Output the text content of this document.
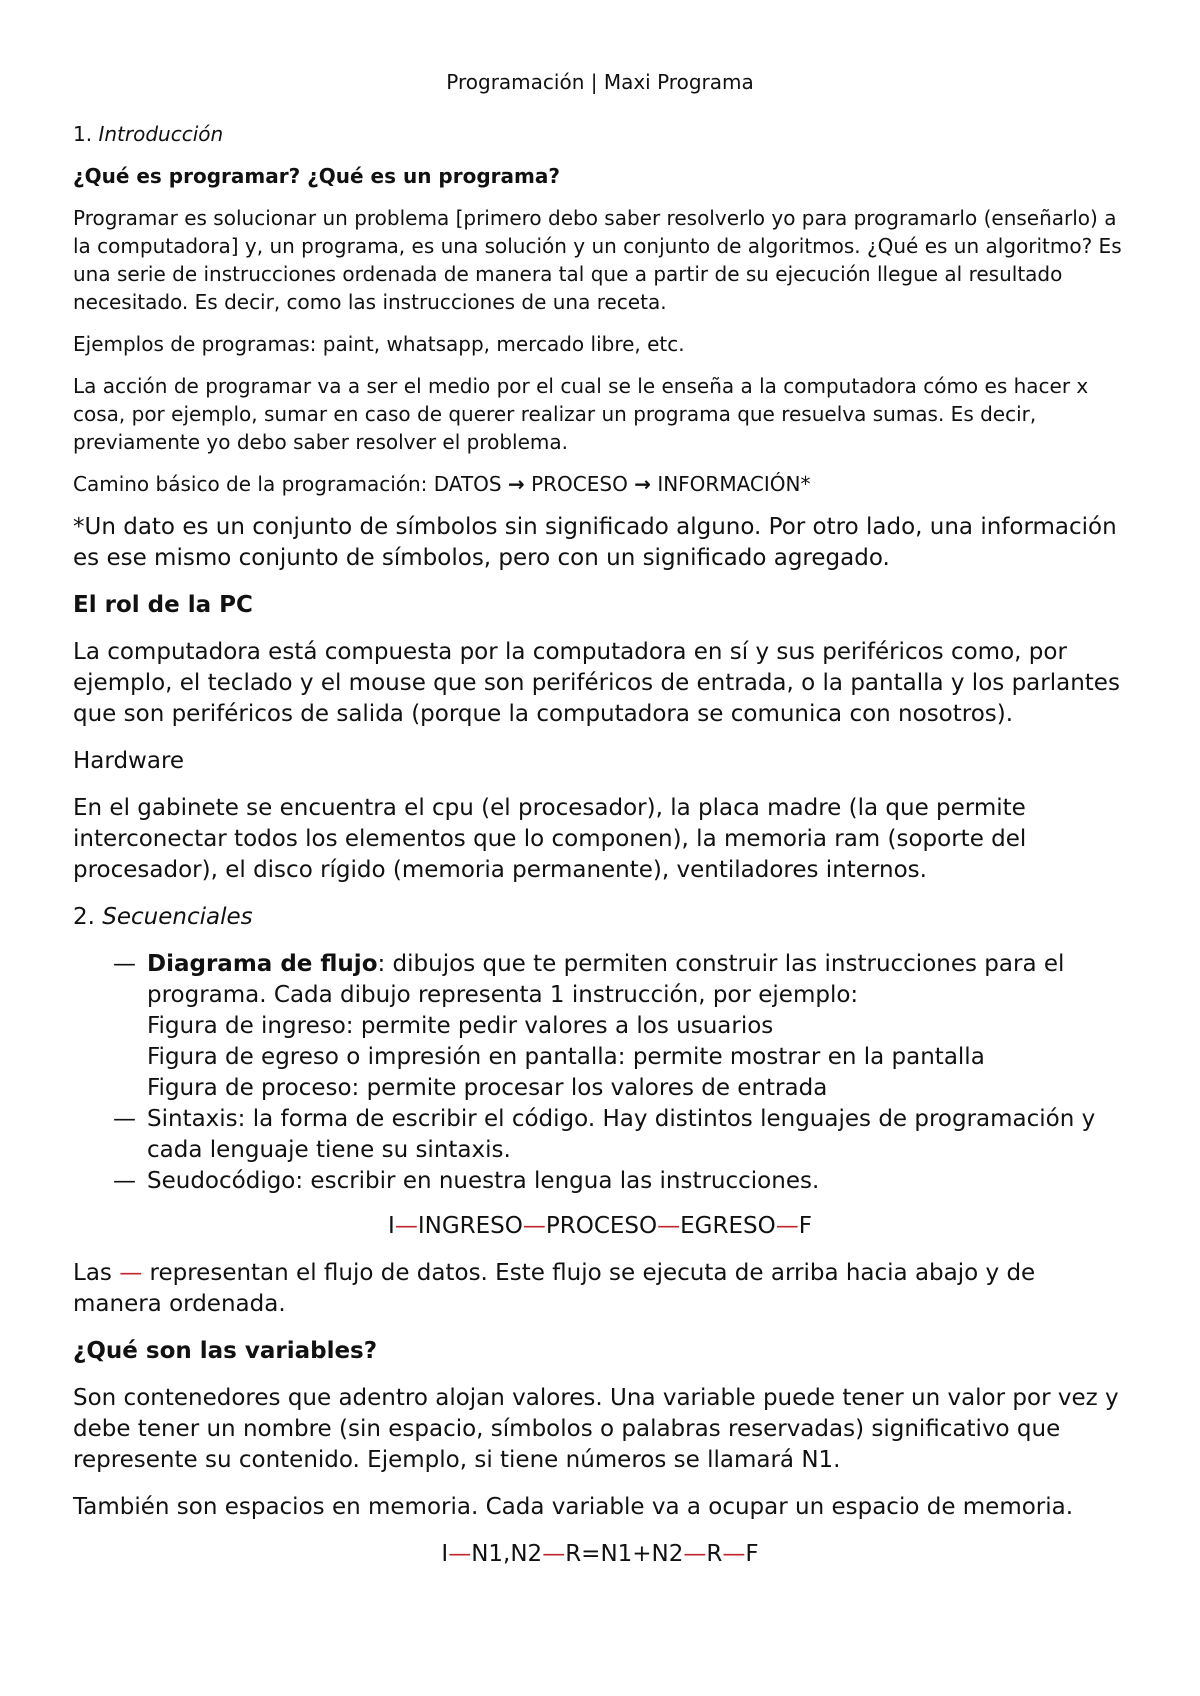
Programación | Maxi Programa

1. Introducción

¿Qué es programar? ¿Qué es un programa?

Programar es solucionar un problema [primero debo saber resolverlo yo para programarlo (enseñarlo) a la computadora] y, un programa, es una solución y un conjunto de algoritmos. ¿Qué es un algoritmo? Es una serie de instrucciones ordenada de manera tal que a partir de su ejecución llegue al resultado necesitado. Es decir, como las instrucciones de una receta.

Ejemplos de programas: paint, whatsapp, mercado libre, etc.

La acción de programar va a ser el medio por el cual se le enseña a la computadora cómo es hacer x cosa, por ejemplo, sumar en caso de querer realizar un programa que resuelva sumas. Es decir, previamente yo debo saber resolver el problema.

Camino básico de la programación: DATOS → PROCESO → INFORMACIÓN*

*Un dato es un conjunto de símbolos sin significado alguno. Por otro lado, una información es ese mismo conjunto de símbolos, pero con un significado agregado.

El rol de la PC

La computadora está compuesta por la computadora en sí y sus periféricos como, por ejemplo, el teclado y el mouse que son periféricos de entrada, o la pantalla y los parlantes que son periféricos de salida (porque la computadora se comunica con nosotros).

Hardware

En el gabinete se encuentra el cpu (el procesador), la placa madre (la que permite interconectar todos los elementos que lo componen), la memoria ram (soporte del procesador), el disco rígido (memoria permanente), ventiladores internos.

2. Secuenciales

— Diagrama de flujo: dibujos que te permiten construir las instrucciones para el programa. Cada dibujo representa 1 instrucción, por ejemplo:
Figura de ingreso: permite pedir valores a los usuarios
Figura de egreso o impresión en pantalla: permite mostrar en la pantalla
Figura de proceso: permite procesar los valores de entrada
— Sintaxis: la forma de escribir el código. Hay distintos lenguajes de programación y cada lenguaje tiene su sintaxis.
— Seudocódigo: escribir en nuestra lengua las instrucciones.

I—INGRESO—PROCESO—EGRESO—F

Las — representan el flujo de datos. Este flujo se ejecuta de arriba hacia abajo y de manera ordenada.

¿Qué son las variables?

Son contenedores que adentro alojan valores. Una variable puede tener un valor por vez y debe tener un nombre (sin espacio, símbolos o palabras reservadas) significativo que represente su contenido. Ejemplo, si tiene números se llamará N1.

También son espacios en memoria. Cada variable va a ocupar un espacio de memoria.

I—N1,N2—R=N1+N2—R—F
